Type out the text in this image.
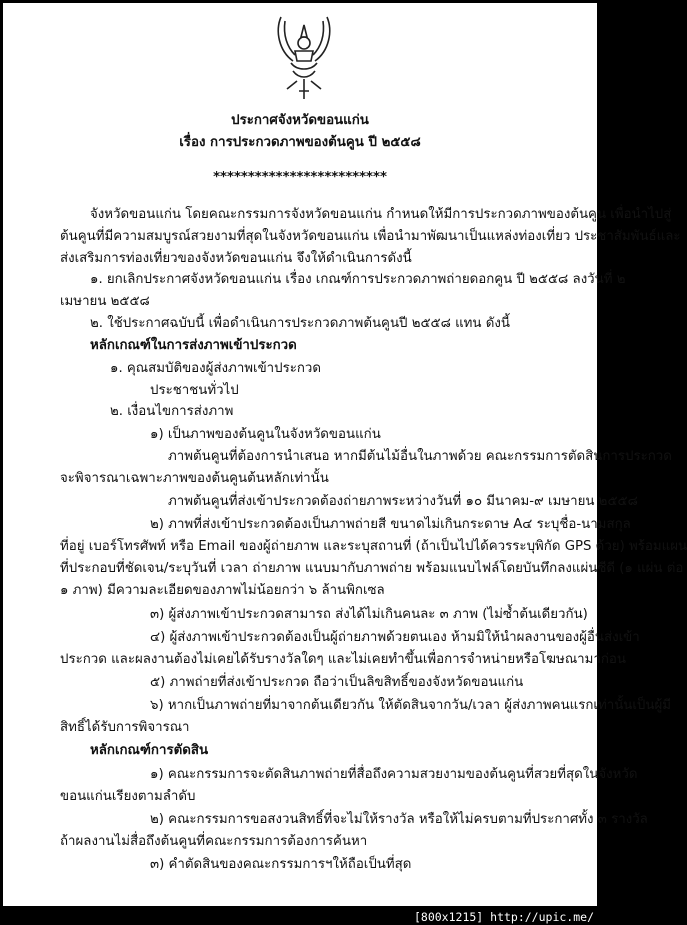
ประกาศจังหวัดขอนแก่น
เรื่อง การประกวดภาพของต้นคูน ปี ๒๕๕๘
*************************
จังหวัดขอนแก่น โดยคณะกรรมการจังหวัดขอนแก่น กำหนดให้มีการประกวดภาพของต้นคูน เพื่อนำไปสู่
ต้นคูนที่มีความสมบูรณ์สวยงามที่สุดในจังหวัดขอนแก่น เพื่อนำมาพัฒนาเป็นแหล่งท่องเที่ยว ประชาสัมพันธ์และ
ส่งเสริมการท่องเที่ยวของจังหวัดขอนแก่น จึงให้ดำเนินการดังนี้
๑. ยกเลิกประกาศจังหวัดขอนแก่น เรื่อง เกณฑ์การประกวดภาพถ่ายดอกคูน ปี ๒๕๕๘ ลงวันที่ ๒
เมษายน ๒๕๕๘
๒. ใช้ประกาศฉบับนี้ เพื่อดำเนินการประกวดภาพต้นคูนปี ๒๕๕๘ แทน ดังนี้
หลักเกณฑ์ในการส่งภาพเข้าประกวด
๑. คุณสมบัติของผู้ส่งภาพเข้าประกวด
ประชาชนทั่วไป
๒. เงื่อนไขการส่งภาพ
๑) เป็นภาพของต้นคูนในจังหวัดขอนแก่น
ภาพต้นคูนที่ต้องการนำเสนอ หากมีต้นไม้อื่นในภาพด้วย คณะกรรมการตัดสินการประกวด
จะพิจารณาเฉพาะภาพของต้นคูนต้นหลักเท่านั้น
ภาพต้นคูนที่ส่งเข้าประกวดต้องถ่ายภาพระหว่างวันที่ ๑๐ มีนาคม-๙ เมษายน ๒๕๕๘
๒) ภาพที่ส่งเข้าประกวดต้องเป็นภาพถ่ายสี ขนาดไม่เกินกระดาษ A๔ ระบุชื่อ-นามสกุล
ที่อยู่ เบอร์โทรศัพท์ หรือ Email ของผู้ถ่ายภาพ และระบุสถานที่ (ถ้าเป็นไปได้ควรระบุพิกัด GPS ด้วย) พร้อมแผน
ที่ประกอบที่ชัดเจน/ระบุวันที่ เวลา ถ่ายภาพ แนบมากับภาพถ่าย พร้อมแนบไฟล์โดยบันทึกลงแผ่นซีดี (๑ แผ่น ต่อ
๑ ภาพ) มีความละเอียดของภาพไม่น้อยกว่า ๖ ล้านพิกเซล
๓) ผู้ส่งภาพเข้าประกวดสามารถ ส่งได้ไม่เกินคนละ ๓ ภาพ (ไม่ซ้ำต้นเดียวกัน)
๔) ผู้ส่งภาพเข้าประกวดต้องเป็นผู้ถ่ายภาพด้วยตนเอง ห้ามมิให้นำผลงานของผู้อื่นส่งเข้า
ประกวด และผลงานต้องไม่เคยได้รับรางวัลใดๆ และไม่เคยทำขึ้นเพื่อการจำหน่ายหรือโฆษณามาก่อน
๕) ภาพถ่ายที่ส่งเข้าประกวด ถือว่าเป็นลิขสิทธิ์ของจังหวัดขอนแก่น
๖) หากเป็นภาพถ่ายที่มาจากต้นเดียวกัน ให้ตัดสินจากวัน/เวลา ผู้ส่งภาพคนแรกเท่านั้นเป็นผู้มี
สิทธิ์ได้รับการพิจารณา
หลักเกณฑ์การตัดสิน
๑) คณะกรรมการจะตัดสินภาพถ่ายที่สื่อถึงความสวยงามของต้นคูนที่สวยที่สุดในจังหวัด
ขอนแก่นเรียงตามลำดับ
๒) คณะกรรมการขอสงวนสิทธิ์ที่จะไม่ให้รางวัล หรือให้ไม่ครบตามที่ประกาศทั้ง ๓ รางวัล
ถ้าผลงานไม่สื่อถึงต้นคูนที่คณะกรรมการต้องการค้นหา
๓) คำตัดสินของคณะกรรมการฯให้ถือเป็นที่สุด
[800x1215] http://upic.me/
